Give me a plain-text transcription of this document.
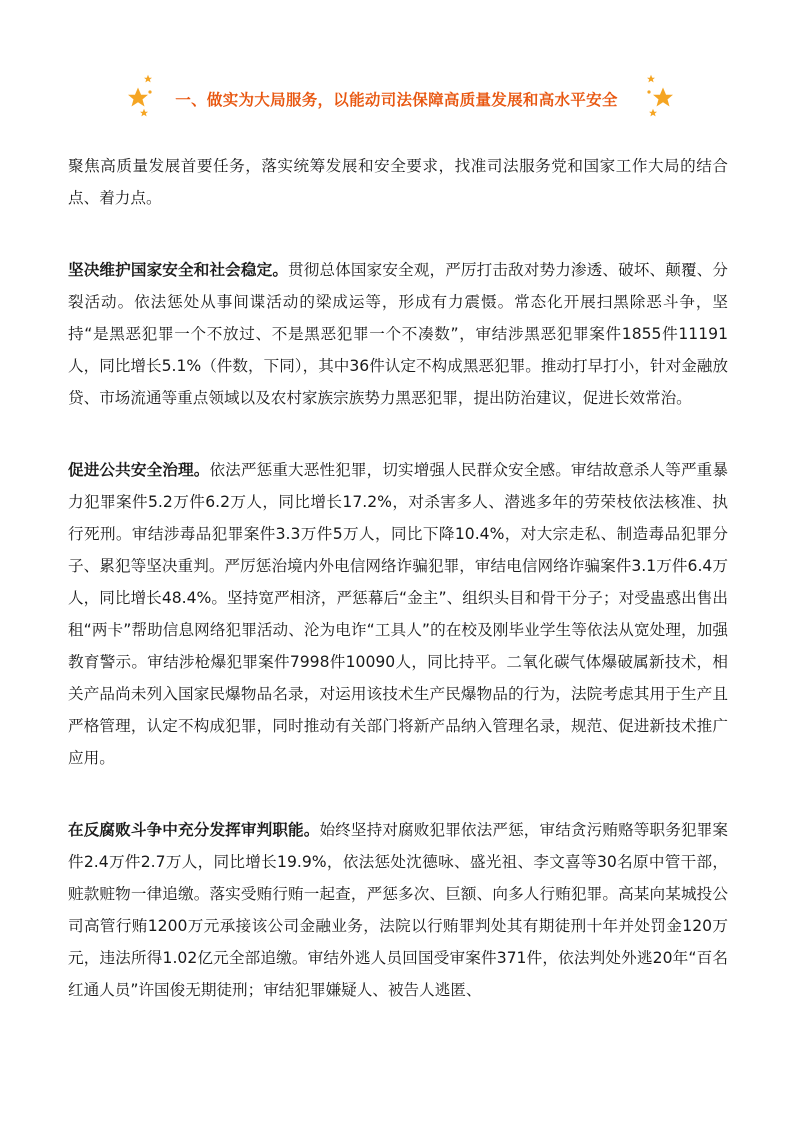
一、做实为大局服务，以能动司法保障高质量发展和高水平安全

聚焦高质量发展首要任务，落实统筹发展和安全要求，找准司法服务党和国家工作大局的结合点、着力点。

坚决维护国家安全和社会稳定。贯彻总体国家安全观，严厉打击敌对势力渗透、破坏、颠覆、分裂活动。依法惩处从事间谍活动的梁成运等，形成有力震慑。常态化开展扫黑除恶斗争，坚持“是黑恶犯罪一个不放过、不是黑恶犯罪一个不凑数”，审结涉黑恶犯罪案件1855件11191人，同比增长5.1%（件数，下同），其中36件认定不构成黑恶犯罪。推动打早打小，针对金融放贷、市场流通等重点领域以及农村家族宗族势力黑恶犯罪，提出防治建议，促进长效常治。

促进公共安全治理。依法严惩重大恶性犯罪，切实增强人民群众安全感。审结故意杀人等严重暴力犯罪案件5.2万件6.2万人，同比增长17.2%，对杀害多人、潜逃多年的劳荣枝依法核准、执行死刑。审结涉毒品犯罪案件3.3万件5万人，同比下降10.4%，对大宗走私、制造毒品犯罪分子、累犯等坚决重判。严厉惩治境内外电信网络诈骗犯罪，审结电信网络诈骗案件3.1万件6.4万人，同比增长48.4%。坚持宽严相济，严惩幕后“金主”、组织头目和骨干分子；对受蛊惑出售出租“两卡”帮助信息网络犯罪活动、沦为电诈“工具人”的在校及刚毕业学生等依法从宽处理，加强教育警示。审结涉枪爆犯罪案件7998件10090人，同比持平。二氧化碳气体爆破属新技术，相关产品尚未列入国家民爆物品名录，对运用该技术生产民爆物品的行为，法院考虑其用于生产且严格管理，认定不构成犯罪，同时推动有关部门将新产品纳入管理名录，规范、促进新技术推广应用。

在反腐败斗争中充分发挥审判职能。始终坚持对腐败犯罪依法严惩，审结贪污贿赂等职务犯罪案件2.4万件2.7万人，同比增长19.9%，依法惩处沈德咏、盛光祖、李文喜等30名原中管干部，赃款赃物一律追缴。落实受贿行贿一起查，严惩多次、巨额、向多人行贿犯罪。高某向某城投公司高管行贿1200万元承接该公司金融业务，法院以行贿罪判处其有期徒刑十年并处罚金120万元，违法所得1.02亿元全部追缴。审结外逃人员回国受审案件371件，依法判处外逃20年“百名红通人员”许国俊无期徒刑；审结犯罪嫌疑人、被告人逃匿、
